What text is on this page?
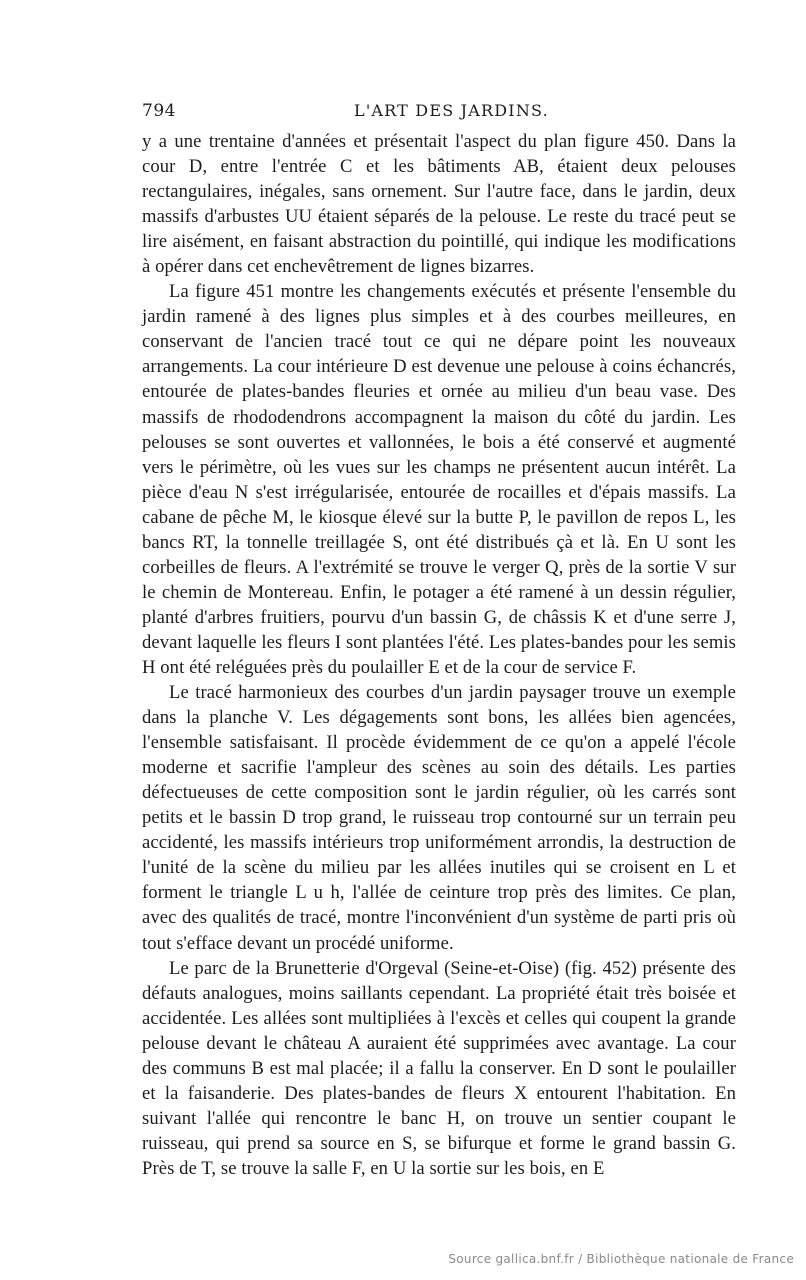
794	L'ART DES JARDINS.

y a une trentaine d'années et présentait l'aspect du plan figure 450. Dans la cour D, entre l'entrée C et les bâtiments AB, étaient deux pelouses rectangulaires, inégales, sans ornement. Sur l'autre face, dans le jardin, deux massifs d'arbustes UU étaient séparés de la pelouse. Le reste du tracé peut se lire aisément, en faisant abstraction du pointillé, qui indique les modifications à opérer dans cet enchevêtrement de lignes bizarres.

La figure 451 montre les changements exécutés et présente l'ensemble du jardin ramené à des lignes plus simples et à des courbes meilleures, en conservant de l'ancien tracé tout ce qui ne dépare point les nouveaux arrangements. La cour intérieure D est devenue une pelouse à coins échancrés, entourée de plates-bandes fleuries et ornée au milieu d'un beau vase. Des massifs de rhododendrons accompagnent la maison du côté du jardin. Les pelouses se sont ouvertes et vallonnées, le bois a été conservé et augmenté vers le périmètre, où les vues sur les champs ne présentent aucun intérêt. La pièce d'eau N s'est irrégularisée, entourée de rocailles et d'épais massifs. La cabane de pêche M, le kiosque élevé sur la butte P, le pavillon de repos L, les bancs RT, la tonnelle treillagée S, ont été distribués çà et là. En U sont les corbeilles de fleurs. A l'extrémité se trouve le verger Q, près de la sortie V sur le chemin de Montereau. Enfin, le potager a été ramené à un dessin régulier, planté d'arbres fruitiers, pourvu d'un bassin G, de châssis K et d'une serre J, devant laquelle les fleurs I sont plantées l'été. Les plates-bandes pour les semis H ont été reléguées près du poulailler E et de la cour de service F.

Le tracé harmonieux des courbes d'un jardin paysager trouve un exemple dans la planche V. Les dégagements sont bons, les allées bien agencées, l'ensemble satisfaisant. Il procède évidemment de ce qu'on a appelé l'école moderne et sacrifie l'ampleur des scènes au soin des détails. Les parties défectueuses de cette composition sont le jardin régulier, où les carrés sont petits et le bassin D trop grand, le ruisseau trop contourné sur un terrain peu accidenté, les massifs intérieurs trop uniformément arrondis, la destruction de l'unité de la scène du milieu par les allées inutiles qui se croisent en L et forment le triangle L u h, l'allée de ceinture trop près des limites. Ce plan, avec des qualités de tracé, montre l'inconvénient d'un système de parti pris où tout s'efface devant un procédé uniforme.

Le parc de la Brunetterie d'Orgeval (Seine-et-Oise) (fig. 452) présente des défauts analogues, moins saillants cependant. La propriété était très boisée et accidentée. Les allées sont multipliées à l'excès et celles qui coupent la grande pelouse devant le château A auraient été supprimées avec avantage. La cour des communs B est mal placée; il a fallu la conserver. En D sont le poulailler et la faisanderie. Des plates-bandes de fleurs X entourent l'habitation. En suivant l'allée qui rencontre le banc H, on trouve un sentier coupant le ruisseau, qui prend sa source en S, se bifurque et forme le grand bassin G. Près de T, se trouve la salle F, en U la sortie sur les bois, en E

Source gallica.bnf.fr / Bibliothèque nationale de France
